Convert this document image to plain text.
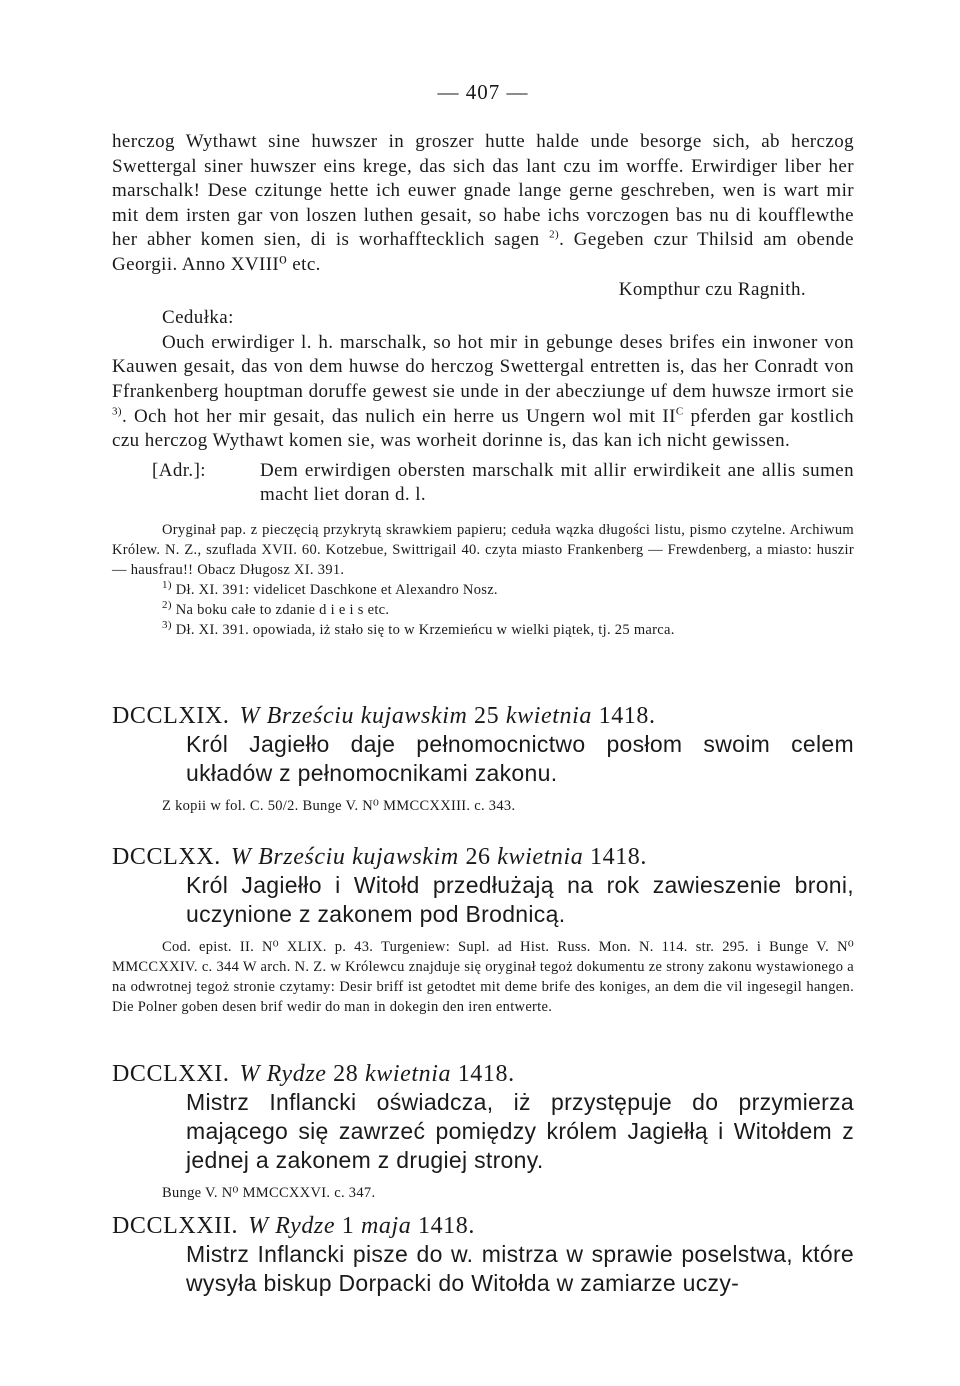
— 407 —

herczog Wythawt sine huwszer in groszer hutte halde unde besorge sich, ab herczog Swettergal siner huwszer eins krege, das sich das lant czu im worffe. Erwirdiger liber her marschalk! Dese czitunge hette ich euwer gnade lange gerne geschreben, wen is wart mir mit dem irsten gar von loszen luthen gesait, so habe ichs vorczogen bas nu di koufflewthe her abher komen sien, di is worhafftecklich sagen $^{2)}$. Gegeben czur Thilsid am obende Georgii. Anno XVIII⁰ etc.

Kompthur czu Ragnith.

Cedułka:

Ouch erwirdiger l. h. marschalk, so hot mir in gebunge deses brifes ein inwoner von Kauwen gesait, das von dem huwse do herczog Swettergal entretten is, das her Conradt von Ffrankenberg houptman doruffe gewest sie unde in der abecziunge uf dem huwsze irmort sie $^{3)}$. Och hot her mir gesait, das nulich ein herre us Ungern wol mit $II^C$ pferden gar kostlich czu herczog Wythawt komen sie, was worheit dorinne is, das kan ich nicht gewissen.

[Adr.]:	Dem erwirdigen obersten marschalk mit allir erwirdikeit ane allis sumen macht liet doran d. l.

Oryginał pap. z pieczęcią przykrytą skrawkiem papieru; ceduła wązka długości listu, pismo czytelne. Archiwum Królew. N. Z., szuflada XVII. 60. Kotzebue, Swittrigail 40. czyta miasto Frankenberg — Frewdenberg, a miasto: huszir — hausfrau!! Obacz Długosz XI. 391.

$^{1)}$ Dł. XI. 391: videlicet Daschkone et Alexandro Nosz.

$^{2)}$ Na boku całe to zdanie d i e i s etc.

$^{3)}$ Dł. XI. 391. opowiada, iż stało się to w Krzemieńcu w wielki piątek, tj. 25 marca.

DCCLXIX. W Brześciu kujawskim 25 kwietnia 1418.
Król Jagiełło daje pełnomocnictwo posłom swoim celem układów z pełnomocnikami zakonu.
Z kopii w fol. C. 50/2. Bunge V. N⁰ MMCCXXIII. c. 343.
DCCLXX. W Brześciu kujawskim 26 kwietnia 1418.
Król Jagiełło i Witołd przedłużają na rok zawieszenie broni, uczynione z zakonem pod Brodnicą.
Cod. epist. II. N⁰ XLIX. p. 43. Turgeniew: Supl. ad Hist. Russ. Mon. N. 114. str. 295. i Bunge V. N⁰ MMCCXXIV. c. 344 W arch. N. Z. w Królewcu znajduje się oryginał tegoż dokumentu ze strony zakonu wystawionego a na odwrotnej tegoż stronie czytamy: Desir briff ist getodtet mit deme brife des koniges, an dem die vil ingesegil hangen. Die Polner goben desen brif wedir do man in dokegin den iren entwerte.
DCCLXXI. W Rydze 28 kwietnia 1418.
Mistrz Inflancki oświadcza, iż przystępuje do przymierza mającego się zawrzeć pomiędzy królem Jagiełłą i Witołdem z jednej a zakonem z drugiej strony.
Bunge V. N⁰ MMCCXXVI. c. 347.
DCCLXXII. W Rydze 1 maja 1418.
Mistrz Inflancki pisze do w. mistrza w sprawie poselstwa, które wysyła biskup Dorpacki do Witołda w zamiarze uczy-
